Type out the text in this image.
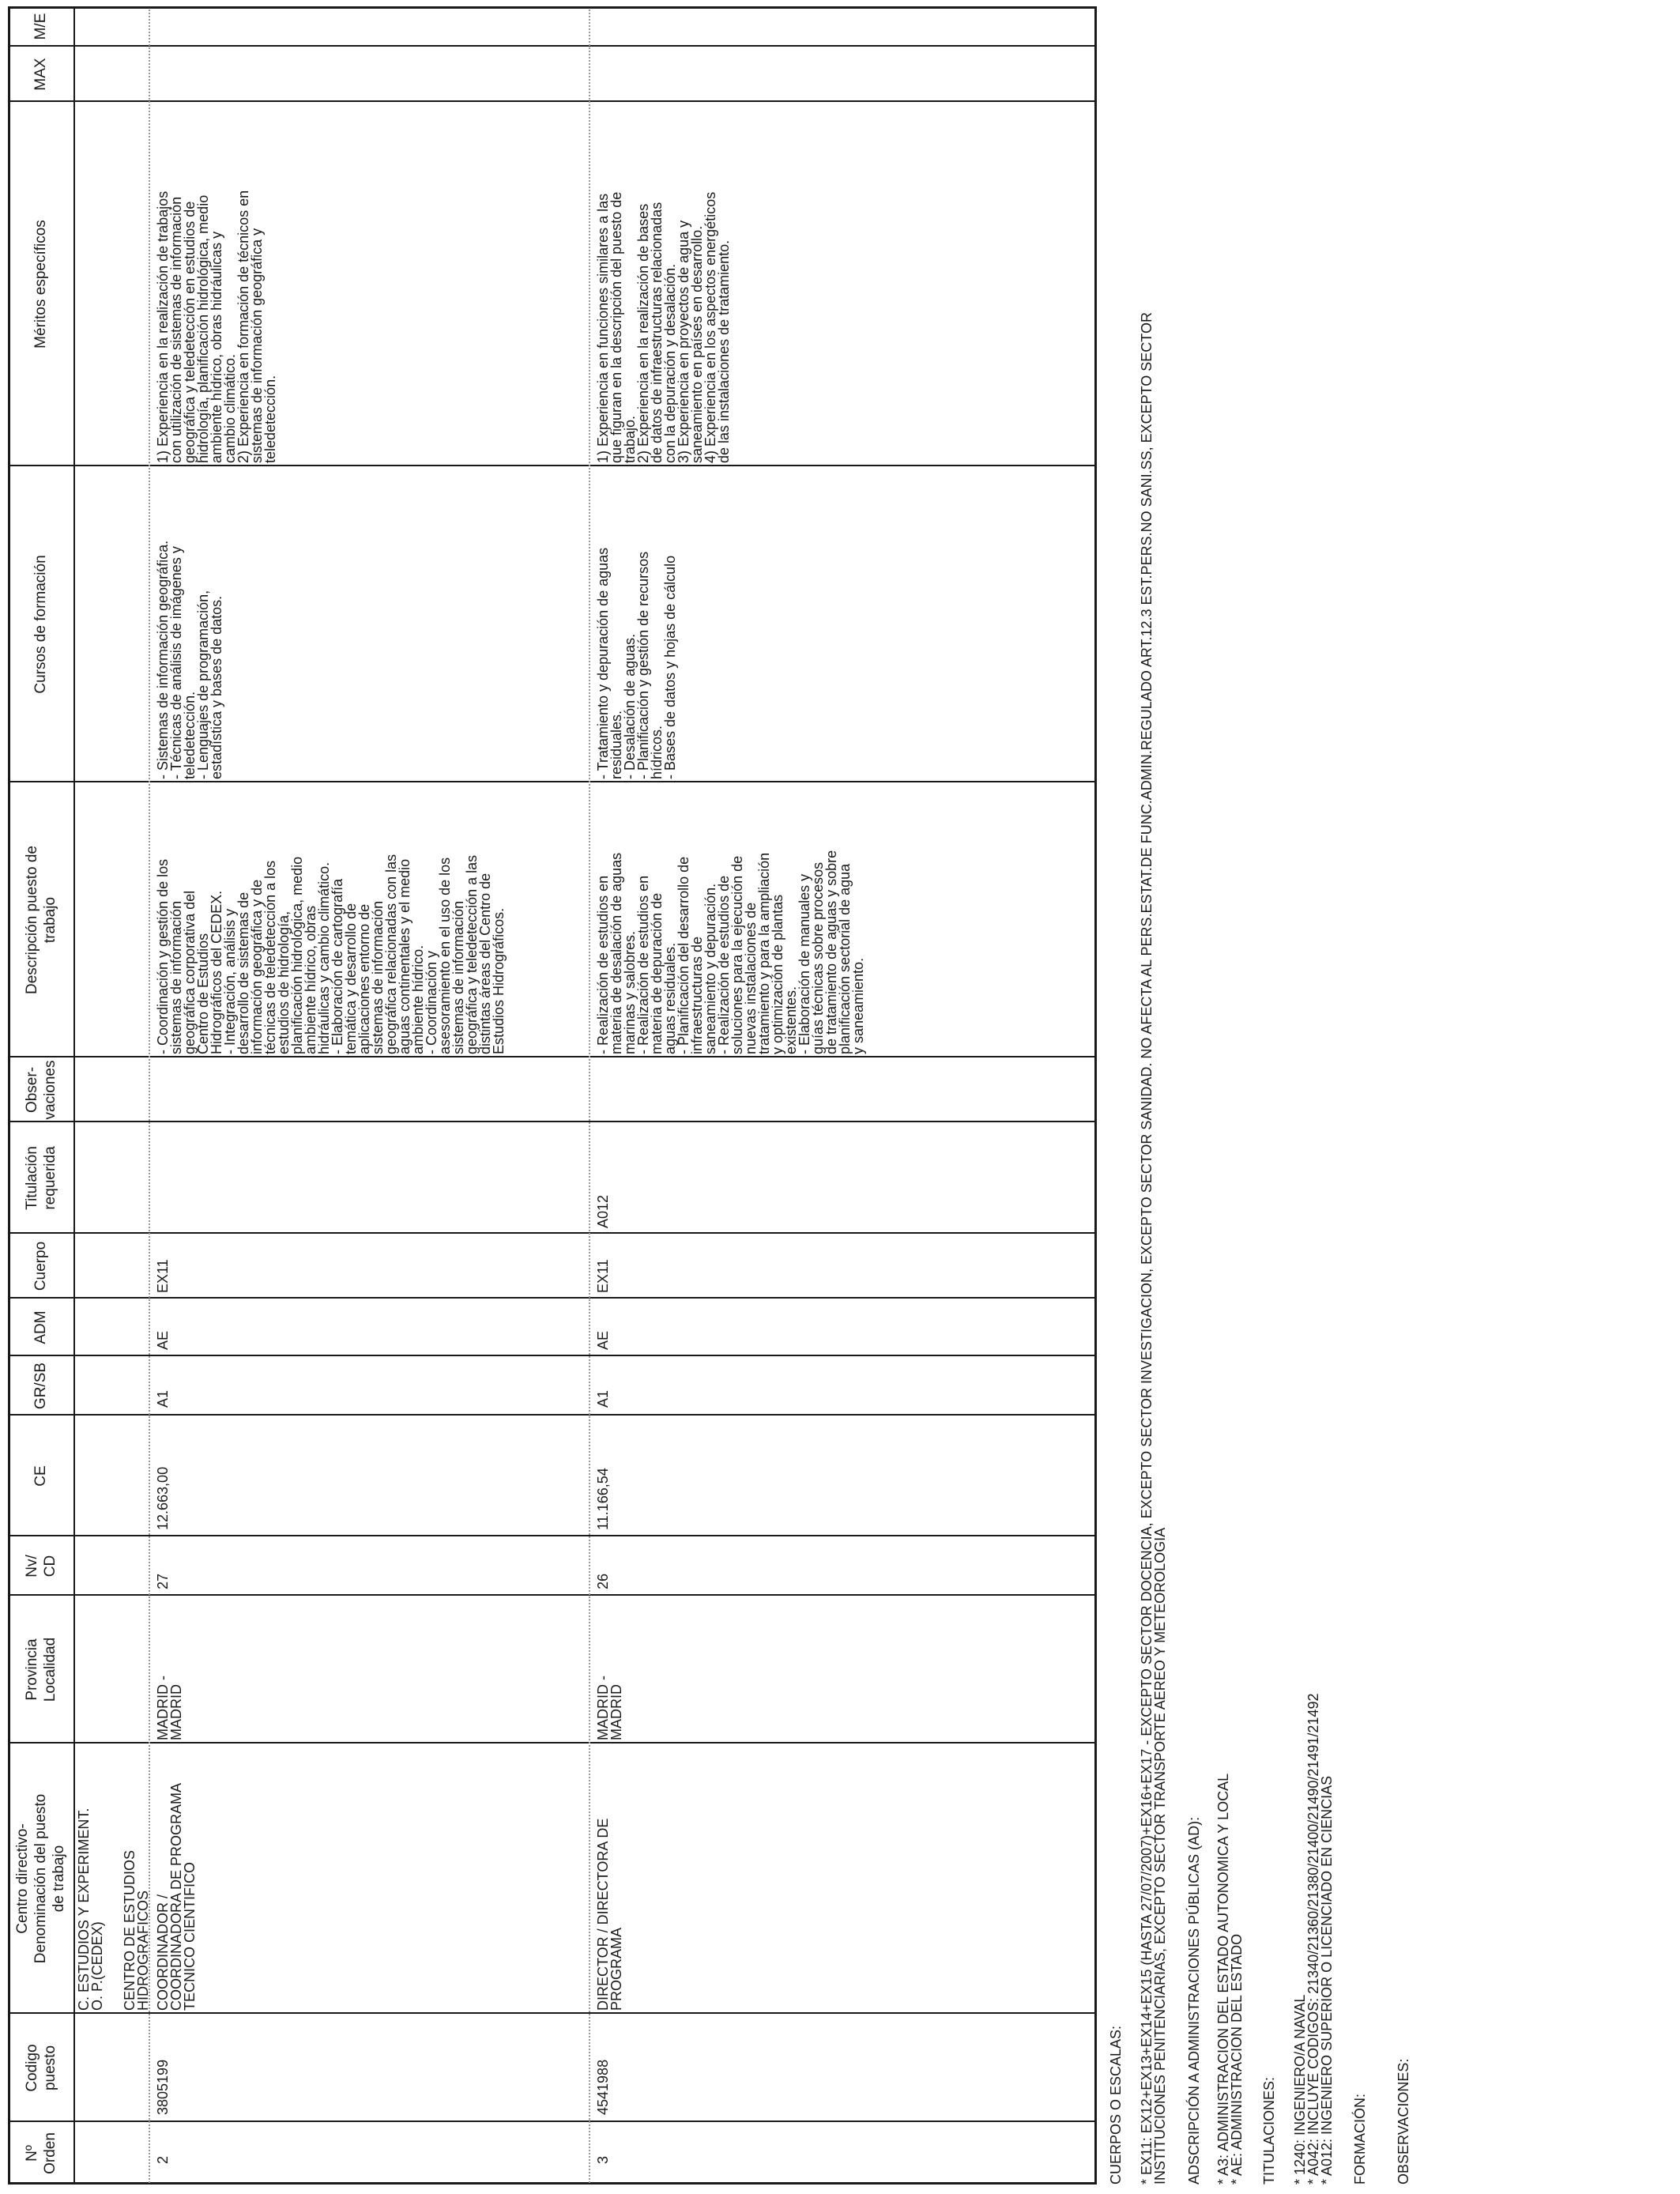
Nº
Orden
Codigo
puesto
Centro directivo-
Denominación del puesto
de trabajo
Provincia
Localidad
Nv/
CD
CE
GR/SB
ADM
Cuerpo
Titulación
requerida
Obser-
vaciones
Descripción puesto de
trabajo
Cursos de formación
Méritos específicos
MAX
M/E
C. ESTUDIOS Y EXPERIMENT.
O. P.(CEDEX) CENTRO DE ESTUDIOS
HIDROGRAFICOS
2
3805199
COORDINADOR /
COORDINADORA DE PROGRAMA
TECNICO CIENTIFICO
MADRID -
MADRID
27
12.663,00
A1
AE
EX11
- Coordinación y gestión de los
sistemas de información
geográfica corporativa del
Centro de Estudios
Hidrográficos del CEDEX.
- Integración, análisis y
desarrollo de sistemas de
información geográfica y de
técnicas de teledetección a los
estudios de hidrología,
planificación hidrológica, medio
ambiente hídrico, obras
hidráulicas y cambio climático.
- Elaboración de cartografía
temática y desarrollo de
aplicaciones entorno de
sistemas de información
geográfica relacionadas con las
aguas continentales y el medio
ambiente hídrico.
- Coordinación y
asesoramiento en el uso de los
sistemas de información
geográfica y teledetección a las
distintas áreas del Centro de
Estudios Hidrográficos.
- Sistemas de información geográfica.
- Técnicas de análisis de imágenes y
teledetección.
- Lenguajes de programación,
estadística y bases de datos.
1) Experiencia en la realización de trabajos
con utilización de sistemas de información
geográfica y teledetección en estudios de
hidrología, planificación hidrológica, medio
ambiente hídrico, obras hidráulicas y
cambio climático.
2) Experiencia en formación de técnicos en
sistemas de información geográfica y
teledetección.
3
4541988
DIRECTOR / DIRECTORA DE
PROGRAMA
MADRID -
MADRID
26
11.166,54
A1
AE
EX11
A012
- Realización de estudios en
materia de desalación de aguas
marinas y salobres.
- Realización de estudios en
materia de depuración de
aguas residuales.
- Planificación del desarrollo de
infraestructuras de
saneamiento y depuración.
- Realización de estudios de
soluciones para la ejecución de
nuevas instalaciones de
tratamiento y para la ampliación
y optimización de plantas
existentes.
- Elaboración de manuales y
guías técnicas sobre procesos
de tratamiento de aguas y sobre
planificación sectorial de agua
y saneamiento.
- Tratamiento y depuración de aguas
residuales.
- Desalación de aguas.
- Planificación y gestión de recursos
hídricos.
- Bases de datos y hojas de cálculo
1) Experiencia en funciones similares a las
que figuran en la descripción del puesto de
trabajo.
2) Experiencia en la realización de bases
de datos de infraestructuras relacionadas
con la depuración y desalación.
3) Experiencia en proyectos de agua y
saneamiento en países en desarrollo.
4) Experiencia en los aspectos energéticos
de las instalaciones de tratamiento.
CUERPOS O ESCALAS: * EX11: EX12+EX13+EX14+EX15 (HASTA 27/07/2007)+EX16+EX17 - EXCEPTO SECTOR DOCENCIA, EXCEPTO SECTOR INVESTIGACION, EXCEPTO SECTOR SANIDAD. NO AFECTA AL PERS.ESTAT.DE FUNC.ADMIN.REGULADO ART.12.3 EST.PERS.NO SANI.SS, EXCEPTO SECTOR
INSTITUCIONES PENITENCIARIAS, EXCEPTO SECTOR TRANSPORTE AEREO Y METEOROLOGIA
ADSCRIPCIÓN A ADMINISTRACIONES PÚBLICAS (AD): * A3: ADMINISTRACION DEL ESTADO AUTONOMICA Y LOCAL
* AE: ADMINISTRACION DEL ESTADO
TITULACIONES: * 1240: INGENIERO/A NAVAL
* A042: INCLUYE CODIGOS: 21340/21360/21380/21400/21490/21491/21492
* A012: INGENIERO SUPERIOR O LICENCIADO EN CIENCIAS
FORMACIÓN: OBSERVACIONES:
